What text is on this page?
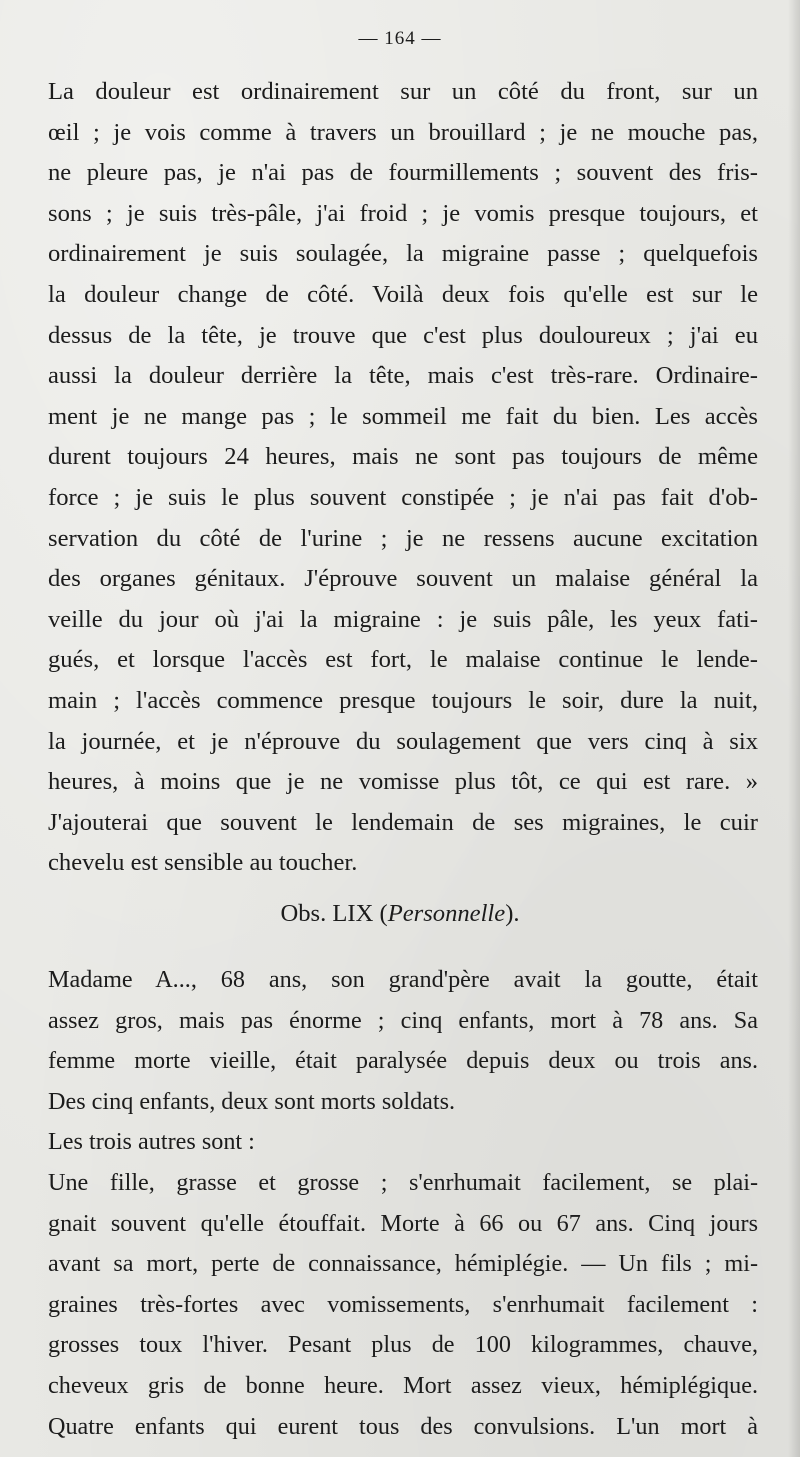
— 164 —
La douleur est ordinairement sur un côté du front, sur un
œil ; je vois comme à travers un brouillard ; je ne mouche pas,
ne pleure pas, je n'ai pas de fourmillements ; souvent des fris-
sons ; je suis très-pâle, j'ai froid ; je vomis presque toujours, et
ordinairement je suis soulagée, la migraine passe ; quelquefois
la douleur change de côté. Voilà deux fois qu'elle est sur le
dessus de la tête, je trouve que c'est plus douloureux ; j'ai eu
aussi la douleur derrière la tête, mais c'est très-rare. Ordinaire-
ment je ne mange pas ; le sommeil me fait du bien. Les accès
durent toujours 24 heures, mais ne sont pas toujours de même
force ; je suis le plus souvent constipée ; je n'ai pas fait d'ob-
servation du côté de l'urine ; je ne ressens aucune excitation
des organes génitaux. J'éprouve souvent un malaise général la
veille du jour où j'ai la migraine : je suis pâle, les yeux fati-
gués, et lorsque l'accès est fort, le malaise continue le lende-
main ; l'accès commence presque toujours le soir, dure la nuit,
la journée, et je n'éprouve du soulagement que vers cinq à six
heures, à moins que je ne vomisse plus tôt, ce qui est rare. »
J'ajouterai que souvent le lendemain de ses migraines, le cuir
chevelu est sensible au toucher.
Obs. LIX (Personnelle).
Madame A..., 68 ans, son grand'père avait la goutte, était
assez gros, mais pas énorme ; cinq enfants, mort à 78 ans. Sa
femme morte vieille, était paralysée depuis deux ou trois ans.
Des cinq enfants, deux sont morts soldats.
Les trois autres sont :
Une fille, grasse et grosse ; s'enrhumait facilement, se plai-
gnait souvent qu'elle étouffait. Morte à 66 ou 67 ans. Cinq jours
avant sa mort, perte de connaissance, hémiplégie. — Un fils ; mi-
graines très-fortes avec vomissements, s'enrhumait facilement :
grosses toux l'hiver. Pesant plus de 100 kilogrammes, chauve,
cheveux gris de bonne heure. Mort assez vieux, hémiplégique.
Quatre enfants qui eurent tous des convulsions. L'un mort à
